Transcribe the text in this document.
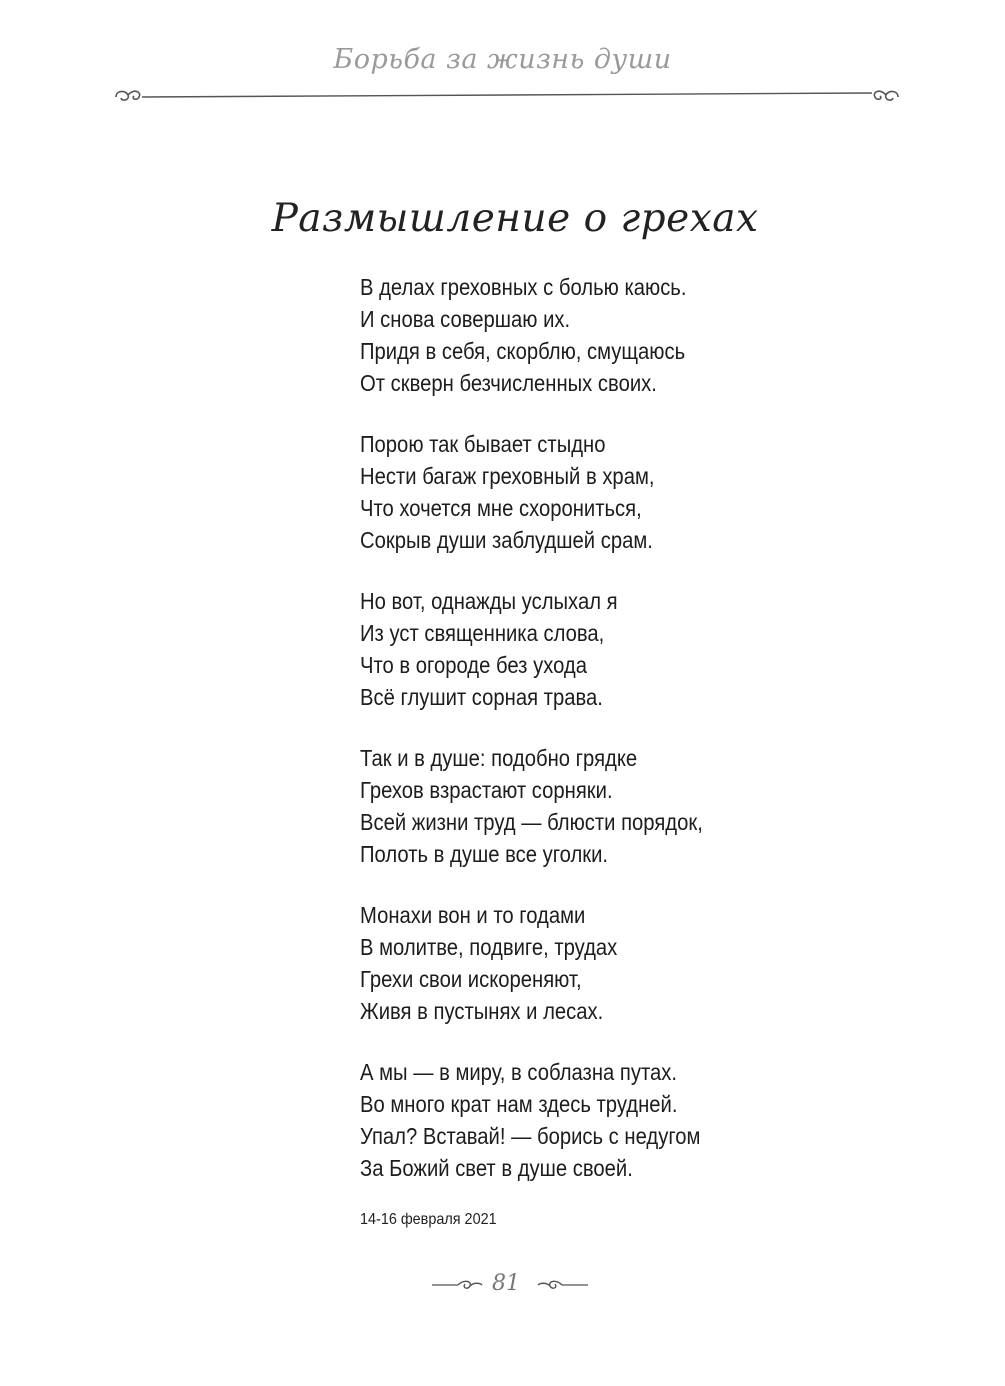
Борьба за жизнь души
Размышление о грехах
В делах греховных с болью каюсь.
И снова совершаю их.
Придя в себя, скорблю, смущаюсь
От скверн безчисленных своих.
Порою так бывает стыдно
Нести багаж греховный в храм,
Что хочется мне схорониться,
Сокрыв души заблудшей срам.
Но вот, однажды услыхал я
Из уст священника слова,
Что в огороде без ухода
Всё глушит сорная трава.
Так и в душе: подобно грядке
Грехов взрастают сорняки.
Всей жизни труд — блюсти порядок,
Полоть в душе все уголки.
Монахи вон и то годами
В молитве, подвиге, трудах
Грехи свои искореняют,
Живя в пустынях и лесах.
А мы — в миру, в соблазна путах.
Во много крат нам здесь трудней.
Упал? Вставай! — борись с недугом
За Божий свет в душе своей.
14-16 февраля 2021
81
